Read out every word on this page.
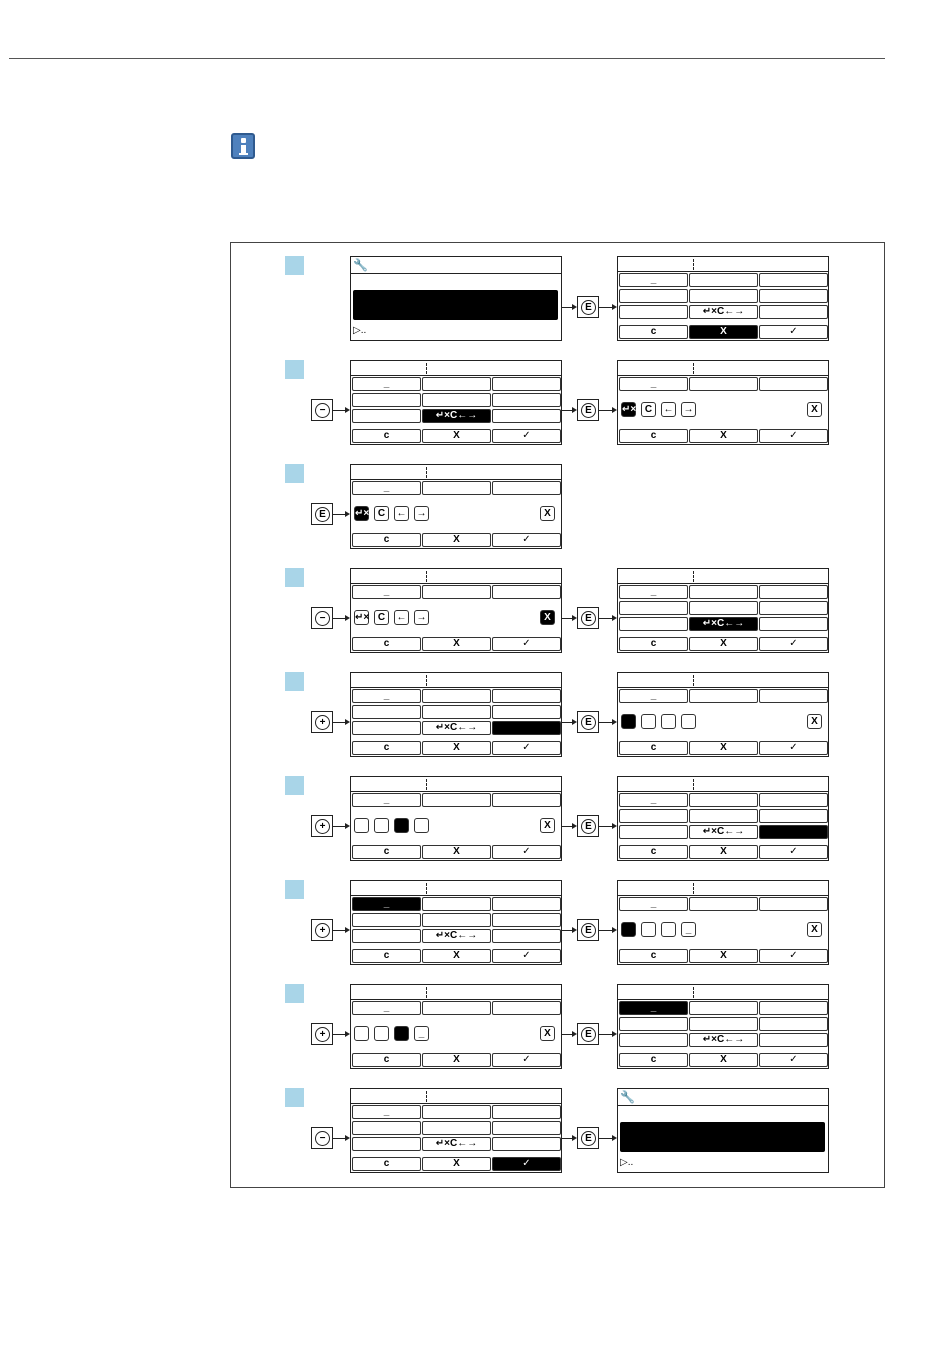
🔧
▷..
E
_
↵×C←→
c	X	✓
−
_
↵×C←→
c	X	✓
E
_
↵× C	← →	X
c	X	✓
E
_
↵× C	← →	X
c	X	✓
−
_
↵× C	← →	X
c	X	✓
E
_
↵×C←→
c	X	✓
+
_
↵×C←→
c	X	✓
E
_
X
c	X	✓
+
_
X
c	X	✓
E
_
↵×C←→
c	X	✓
+
_
↵×C←→
c	X	✓
E
_
_	X
c	X	✓
+
_
_	X
c	X	✓
E
_
↵×C←→
c	X	✓
−
_
↵×C←→
c	X	✓
E
🔧
▷..
